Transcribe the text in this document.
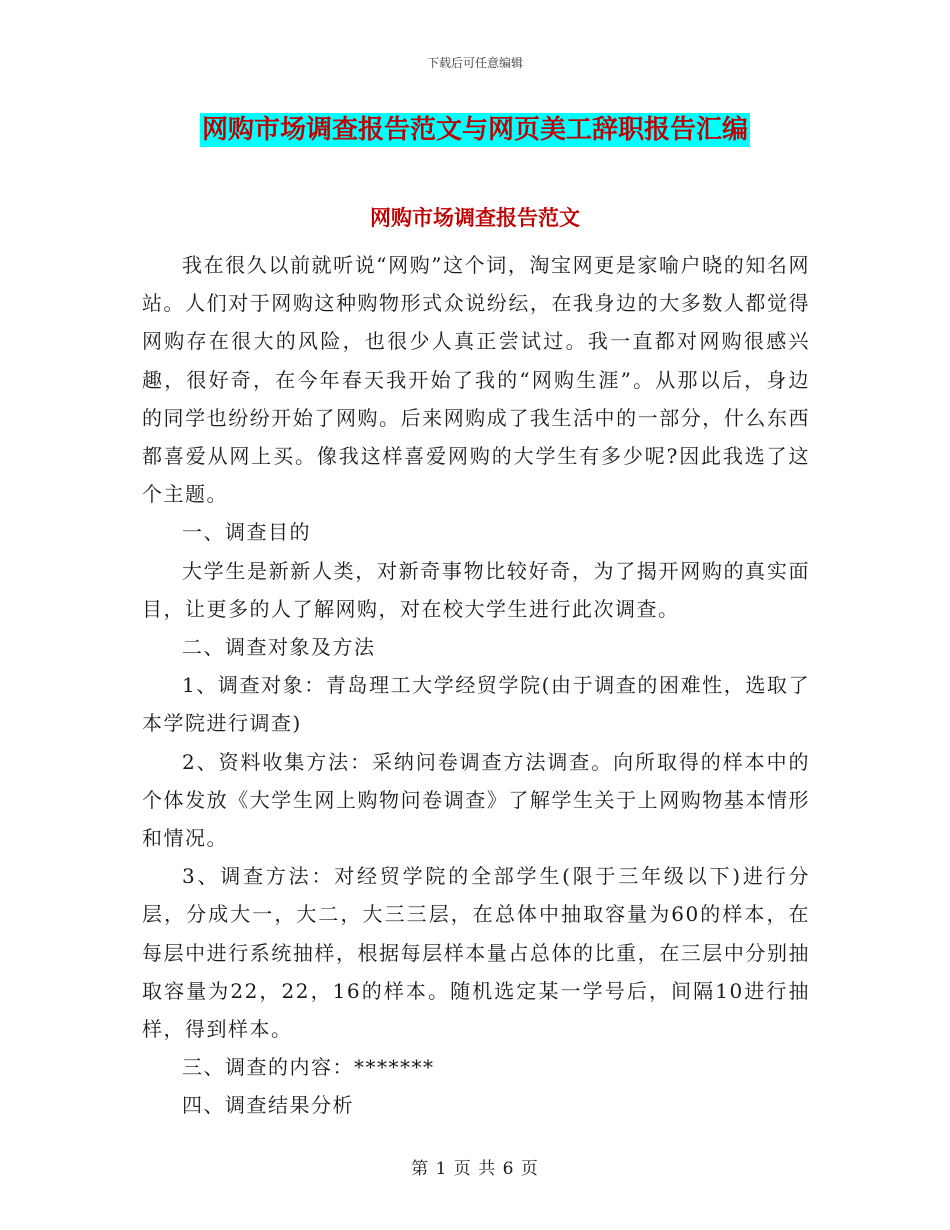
下载后可任意编辑
网购市场调查报告范文与网页美工辞职报告汇编
网购市场调查报告范文

我在很久以前就听说“网购”这个词，淘宝网更是家喻户晓的知名网站。人们对于网购这种购物形式众说纷纭，在我身边的大多数人都觉得网购存在很大的风险，也很少人真正尝试过。我一直都对网购很感兴趣，很好奇，在今年春天我开始了我的“网购生涯”。从那以后，身边的同学也纷纷开始了网购。后来网购成了我生活中的一部分，什么东西都喜爱从网上买。像我这样喜爱网购的大学生有多少呢?因此我选了这个主题。

一、调查目的

大学生是新新人类，对新奇事物比较好奇，为了揭开网购的真实面目，让更多的人了解网购，对在校大学生进行此次调查。

二、调查对象及方法

1、调查对象：青岛理工大学经贸学院(由于调查的困难性，选取了本学院进行调查)

2、资料收集方法：采纳问卷调查方法调查。向所取得的样本中的个体发放《大学生网上购物问卷调查》了解学生关于上网购物基本情形和情况。

3、调查方法：对经贸学院的全部学生(限于三年级以下)进行分层，分成大一，大二，大三三层，在总体中抽取容量为60的样本，在每层中进行系统抽样，根据每层样本量占总体的比重，在三层中分别抽取容量为22，22，16的样本。随机选定某一学号后，间隔10进行抽样，得到样本。

三、调查的内容：*******

四、调查结果分析

第 1 页 共 6 页
